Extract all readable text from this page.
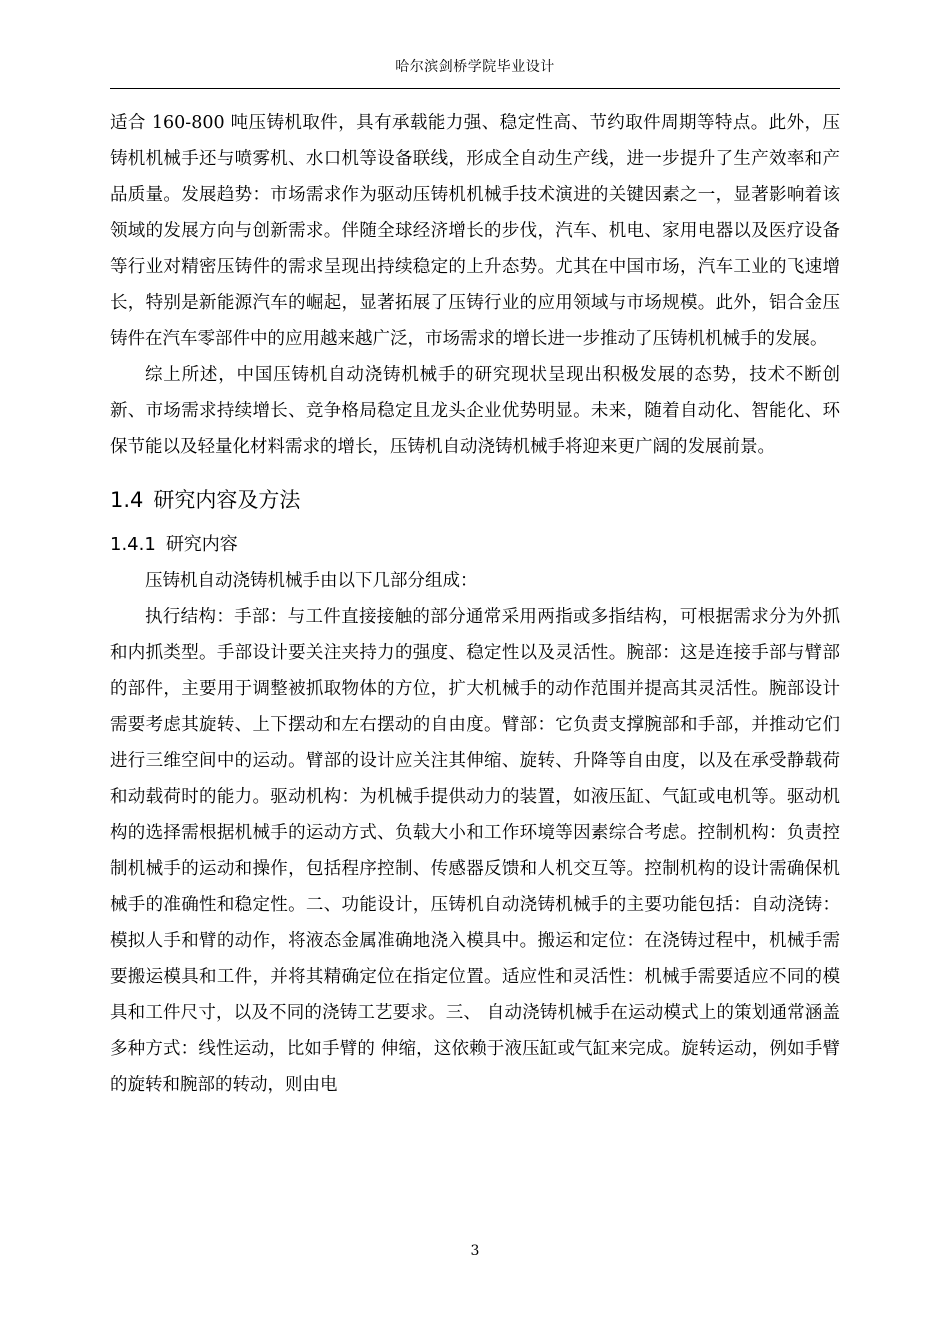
哈尔滨剑桥学院毕业设计

适合 160-800 吨压铸机取件，具有承载能力强、稳定性高、节约取件周期等特点。此外，压铸机机械手还与喷雾机、水口机等设备联线，形成全自动生产线，进一步提升了生产效率和产品质量。发展趋势：市场需求作为驱动压铸机机械手技术演进的关键因素之一，显著影响着该领域的发展方向与创新需求。伴随全球经济增长的步伐，汽车、机电、家用电器以及医疗设备等行业对精密压铸件的需求呈现出持续稳定的上升态势。尤其在中国市场，汽车工业的飞速增长，特别是新能源汽车的崛起，显著拓展了压铸行业的应用领域与市场规模。此外，铝合金压铸件在汽车零部件中的应用越来越广泛，市场需求的增长进一步推动了压铸机机械手的发展。

综上所述，中国压铸机自动浇铸机械手的研究现状呈现出积极发展的态势，技术不断创新、市场需求持续增长、竞争格局稳定且龙头企业优势明显。未来，随着自动化、智能化、环保节能以及轻量化材料需求的增长，压铸机自动浇铸机械手将迎来更广阔的发展前景。

1.4 研究内容及方法
1.4.1 研究内容

压铸机自动浇铸机械手由以下几部分组成：

执行结构：手部：与工件直接接触的部分通常采用两指或多指结构，可根据需求分为外抓和内抓类型。手部设计要关注夹持力的强度、稳定性以及灵活性。腕部：这是连接手部与臂部的部件，主要用于调整被抓取物体的方位，扩大机械手的动作范围并提高其灵活性。腕部设计需要考虑其旋转、上下摆动和左右摆动的自由度。臂部：它负责支撑腕部和手部，并推动它们进行三维空间中的运动。臂部的设计应关注其伸缩、旋转、升降等自由度，以及在承受静载荷和动载荷时的能力。驱动机构：为机械手提供动力的装置，如液压缸、气缸或电机等。驱动机构的选择需根据机械手的运动方式、负载大小和工作环境等因素综合考虑。控制机构：负责控制机械手的运动和操作，包括程序控制、传感器反馈和人机交互等。控制机构的设计需确保机械手的准确性和稳定性。二、功能设计，压铸机自动浇铸机械手的主要功能包括：自动浇铸：模拟人手和臂的动作，将液态金属准确地浇入模具中。搬运和定位：在浇铸过程中，机械手需要搬运模具和工件，并将其精确定位在指定位置。适应性和灵活性：机械手需要适应不同的模具和工件尺寸，以及不同的浇铸工艺要求。三、 自动浇铸机械手在运动模式上的策划通常涵盖多种方式：线性运动，比如手臂的 伸缩，这依赖于液压缸或气缸来完成。旋转运动，例如手臂的旋转和腕部的转动，则由电

3
